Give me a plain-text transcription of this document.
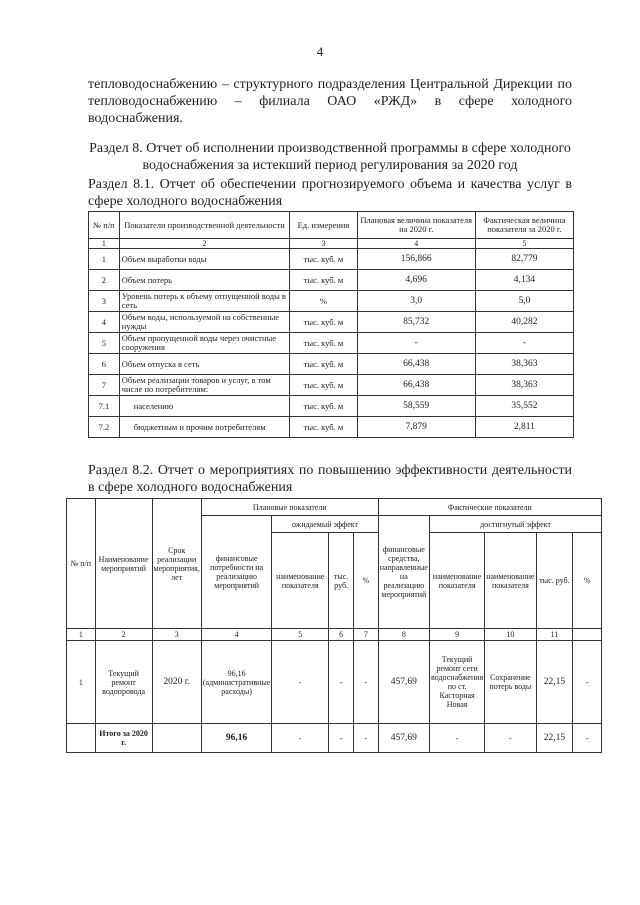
4
тепловодоснабжению – структурного подразделения Центральной Дирекции по тепловодоснабжению – филиала ОАО «РЖД» в сфере холодного водоснабжения.
Раздел 8. Отчет об исполнении производственной программы в сфере холодного водоснабжения за истекший период регулирования за 2020 год
Раздел 8.1. Отчет об обеспечении прогнозируемого объема и качества услуг в сфере холодного водоснабжения
№ п/п	Показатели производственной деятельности	Ед. измерения	Плановая величина показателя на 2020 г.	Фактическая величина показателя за 2020 г.
1	2	3	4	5
1	Объем выработки воды	тыс. куб. м	156,866	82,779
2	Объем потерь	тыс. куб. м	4,696	4,134
3	Уровень потерь к объему отпущенной воды в сеть	%	3,0	5,0
4	Объем воды, используемой на собственные нужды	тыс. куб. м	85,732	40,282
5	Объем пропущенной воды через очистные сооружения	тыс. куб. м	-	-
6	Объем отпуска в сеть	тыс. куб. м	66,438	38,363
7	Объем реализации товаров и услуг, в том числе по потребителям:	тыс. куб. м	66,438	38,363
7.1	населению	тыс. куб. м	58,559	35,552
7.2	бюджетным и прочим потребителям	тыс. куб. м	7,879	2,811
Раздел 8.2. Отчет о мероприятиях по повышению эффективности деятельности в сфере холодного водоснабжения
№ п/п	Наименование мероприятий	Срок реализации мероприятия, лет	Плановые показатели				Фактические показатели				
			финансовые потребности на реализацию мероприятий	ожидаемый эффект			финансовые средства, направленные на реализацию мероприятий	достигнутый эффект			
				наименование показателя	тыс. руб.	%		наименование показателя	наименование показателя	тыс. руб.	%
1	2	3	4	5	6	7	8	9	10	11	
1	Текущий ремонт водопровода	2020 г.	96,16 (административные расходы)	-	-	-	457,69	Текущий ремонт сети водоснабжения по ст. Касторная Новая	Сохранение потерь воды	22,15	-
	Итого за 2020 г.		96,16	-	-	-	457,69	-	-	22,15	-
